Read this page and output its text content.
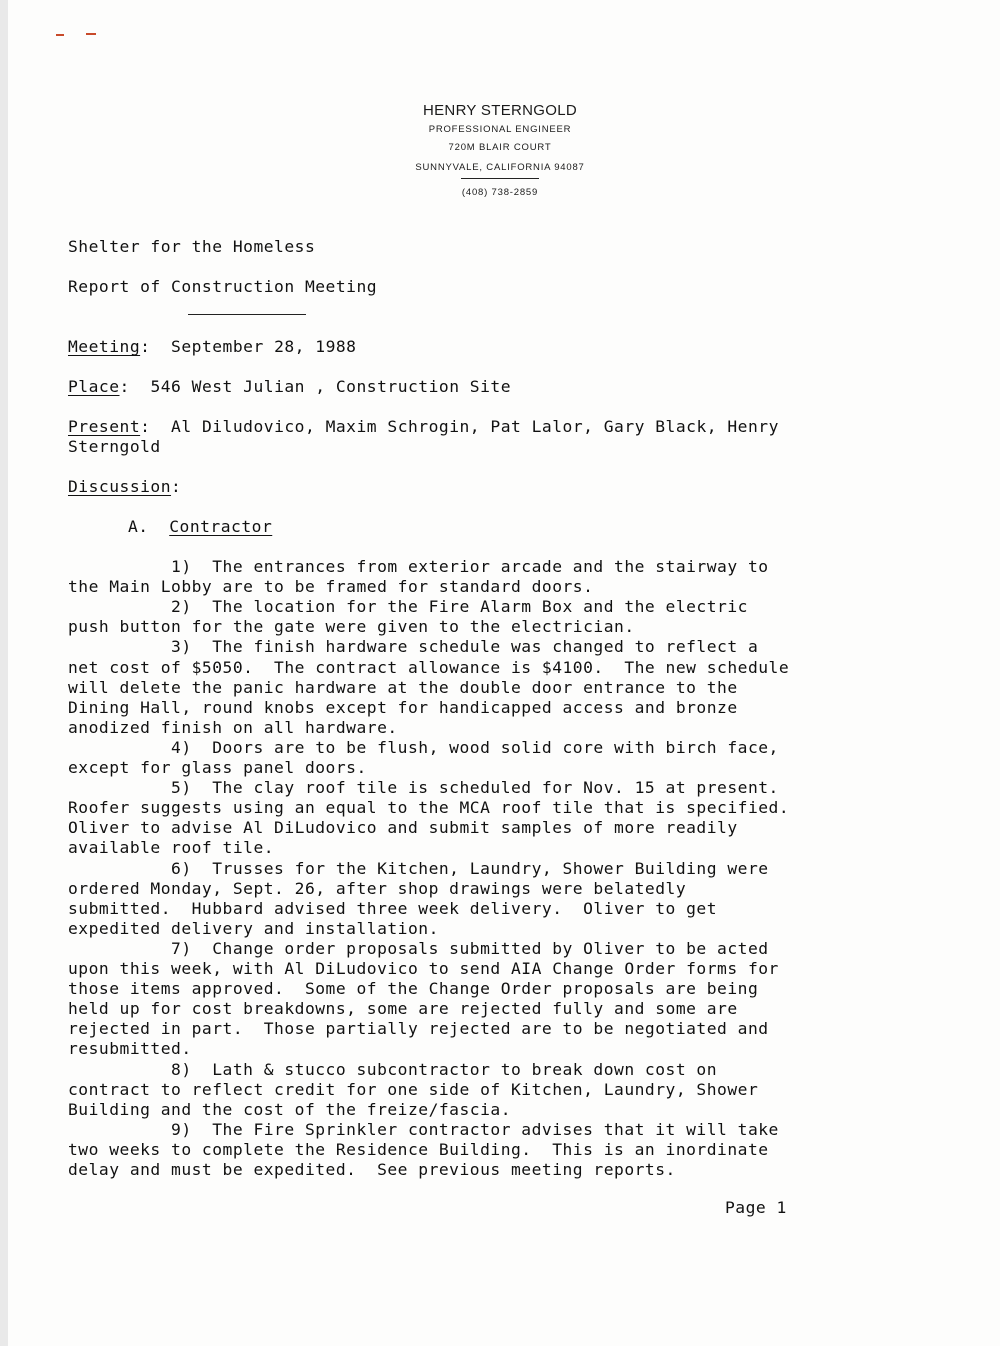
HENRY STERNGOLD
PROFESSIONAL ENGINEER
720M BLAIR COURT
SUNNYVALE, CALIFORNIA 94087
(408) 738-2859
Shelter for the Homeless
Report of Construction Meeting
Meeting:  September 28, 1988
Place:  546 West Julian , Construction Site
Present:  Al Diludovico, Maxim Schrogin, Pat Lalor, Gary Black, Henry
Sterngold
Discussion:
A. Contractor
1)  The entrances from exterior arcade and the stairway to
the Main Lobby are to be framed for standard doors.
2)  The location for the Fire Alarm Box and the electric
push button for the gate were given to the electrician.
3)  The finish hardware schedule was changed to reflect a
net cost of $5050.  The contract allowance is $4100.  The new schedule
will delete the panic hardware at the double door entrance to the
Dining Hall, round knobs except for handicapped access and bronze
anodized finish on all hardware.
4)  Doors are to be flush, wood solid core with birch face,
except for glass panel doors.
5)  The clay roof tile is scheduled for Nov. 15 at present.
Roofer suggests using an equal to the MCA roof tile that is specified.
Oliver to advise Al DiLudovico and submit samples of more readily
available roof tile.
6)  Trusses for the Kitchen, Laundry, Shower Building were
ordered Monday, Sept. 26, after shop drawings were belatedly
submitted.  Hubbard advised three week delivery.  Oliver to get
expedited delivery and installation.
7)  Change order proposals submitted by Oliver to be acted
upon this week, with Al DiLudovico to send AIA Change Order forms for
those items approved.  Some of the Change Order proposals are being
held up for cost breakdowns, some are rejected fully and some are
rejected in part.  Those partially rejected are to be negotiated and
resubmitted.
8)  Lath & stucco subcontractor to break down cost on
contract to reflect credit for one side of Kitchen, Laundry, Shower
Building and the cost of the freize/fascia.
9)  The Fire Sprinkler contractor advises that it will take
two weeks to complete the Residence Building.  This is an inordinate
delay and must be expedited.  See previous meeting reports.
Page 1
